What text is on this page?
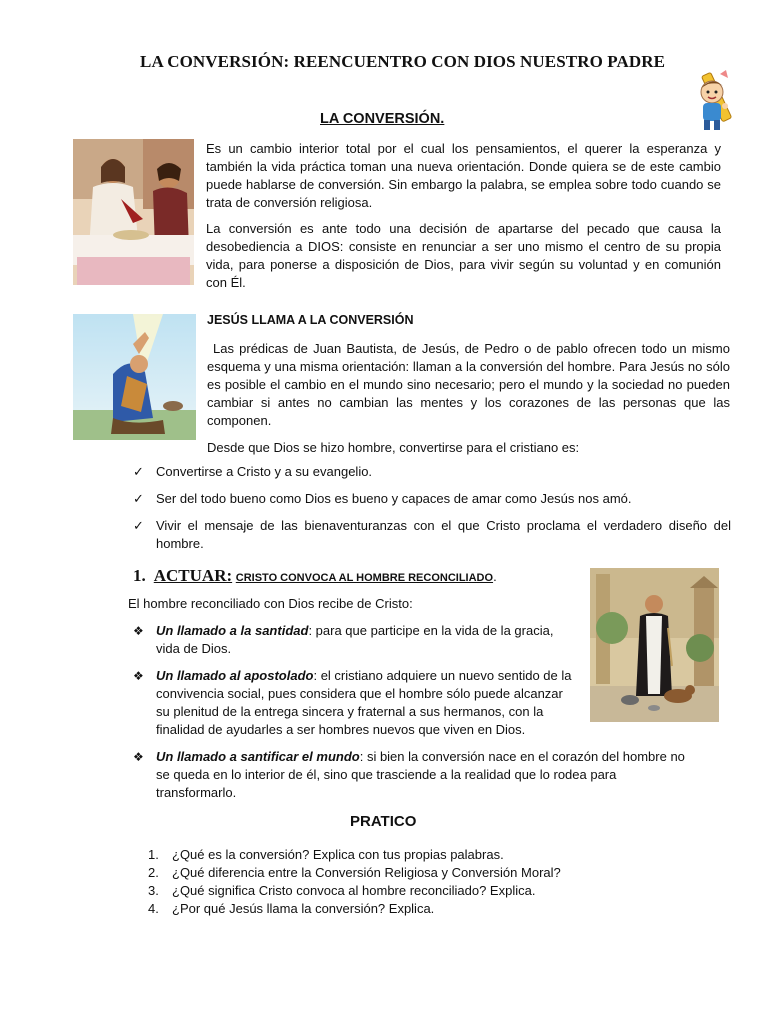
LA CONVERSIÓN: REENCUENTRO CON DIOS NUESTRO PADRE
LA CONVERSIÓN.

Es un cambio interior total por el cual los pensamientos, el querer la esperanza y también la vida práctica toman una nueva orientación. Donde quiera se de este cambio puede hablarse de conversión. Sin embargo la palabra, se emplea sobre todo cuando se trata de conversión religiosa.

La conversión es ante todo una decisión de apartarse del pecado que causa la desobediencia a DIOS: consiste en renunciar a ser uno mismo el centro de su propia vida, para ponerse a disposición de Dios, para vivir según su voluntad y en comunión con Él.

JESÚS LLAMA A LA CONVERSIÓN

Las prédicas de Juan Bautista, de Jesús, de Pedro o de pablo ofrecen todo un mismo esquema y una misma orientación: llaman a la conversión del hombre. Para Jesús no sólo es posible el cambio en el mundo sino necesario; pero el mundo y la sociedad no pueden cambiar si antes no cambian las mentes y los corazones de las personas que las componen.

Desde que Dios se hizo hombre, convertirse para el cristiano es:

✓ Convertirse a Cristo y a su evangelio.
✓ Ser del todo bueno como Dios es bueno y capaces de amar como Jesús nos amó.
✓ Vivir el mensaje de las bienaventuranzas con el que Cristo proclama el verdadero diseño del hombre.
1. ACTUAR: CRISTO CONVOCA AL HOMBRE RECONCILIADO.
El hombre reconciliado con Dios recibe de Cristo:
❖ Un llamado a la santidad: para que participe en la vida de la gracia, vida de Dios.
❖ Un llamado al apostolado: el cristiano adquiere un nuevo sentido de la convivencia social, pues considera que el hombre sólo puede alcanzar su plenitud de la entrega sincera y fraternal a sus hermanos, con la finalidad de ayudarles a ser hombres nuevos que viven en Dios.
❖ Un llamado a santificar el mundo: si bien la conversión nace en el corazón del hombre no se queda en lo interior de él, sino que trasciende a la realidad que lo rodea para transformarlo.
PRATICO
1. ¿Qué es la conversión? Explica con tus propias palabras.
2. ¿Qué diferencia entre la Conversión Religiosa y Conversión Moral?
3. ¿Qué significa Cristo convoca al hombre reconciliado? Explica.
4. ¿Por qué Jesús llama la conversión? Explica.
